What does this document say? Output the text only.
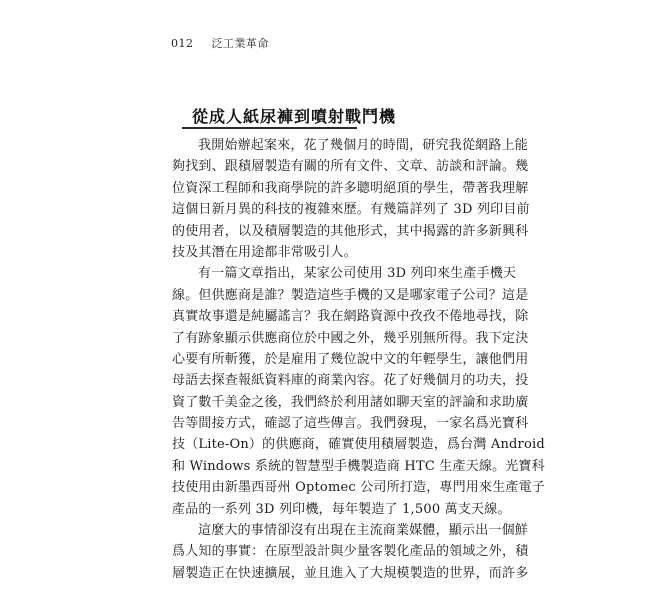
012 泛工業革命
從成人紙尿褲到噴射戰鬥機
我開始辦起案來，花了幾個月的時間，研究我從網路上能
夠找到、跟積層製造有關的所有文件、文章、訪談和評論。幾
位資深工程師和我商學院的許多聰明絕頂的學生，帶著我理解
這個日新月異的科技的複雜來歷。有幾篇詳列了 3D 列印目前
的使用者，以及積層製造的其他形式，其中揭露的許多新興科
技及其潛在用途都非常吸引人。
有一篇文章指出，某家公司使用 3D 列印來生產手機天
線。但供應商是誰？製造這些手機的又是哪家電子公司？這是
真實故事還是純屬謠言？我在網路資源中孜孜不倦地尋找，除
了有跡象顯示供應商位於中國之外，幾乎別無所得。我下定決
心要有所斬獲，於是雇用了幾位說中文的年輕學生，讓他們用
母語去探查報紙資料庫的商業內容。花了好幾個月的功夫，投
資了數千美金之後，我們終於利用諸如聊天室的評論和求助廣
告等間接方式，確認了這些傳言。我們發現，一家名爲光寶科
技（Lite-On）的供應商，確實使用積層製造，爲台灣 Android
和 Windows 系統的智慧型手機製造商 HTC 生產天線。光寶科
技使用由新墨西哥州 Optomec 公司所打造，專門用來生產電子
產品的一系列 3D 列印機，每年製造了 1,500 萬支天線。
這麼大的事情卻沒有出現在主流商業媒體，顯示出一個鮮
爲人知的事實：在原型設計與少量客製化產品的領域之外，積
層製造正在快速擴展，並且進入了大規模製造的世界，而許多
